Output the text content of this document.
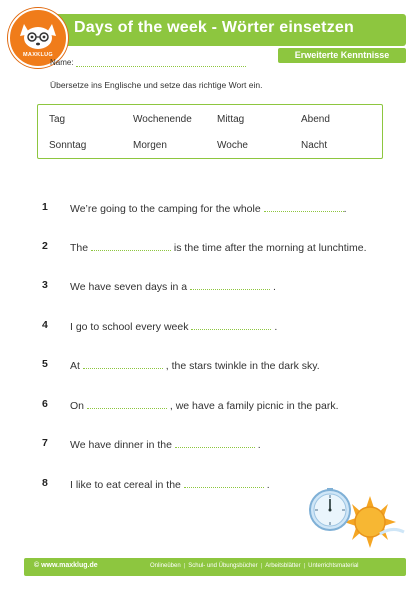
Days of the week - Wörter einsetzen
MAXKLUG	Erweiterte Kenntnisse
Name:
Übersetze ins Englische und setze das richtige Wort ein.
Tag	Wochenende	Mittag	Abend
Sonntag	Morgen	Woche	Nacht
1 We’re going to the camping for the whole	.
2 The	is the time after the morning at lunchtime.
3 We have seven days in a	.
4 I go to school every week	.
5 At	, the stars twinkle in the dark sky.
6 On	, we have a family picnic in the park.
7 We have dinner in the	.
8 I like to eat cereal in the	.
© www.maxklug.de	Onlineüben | Schul- und Übungsbücher | Arbeitsblätter | Unterrichtsmaterial
